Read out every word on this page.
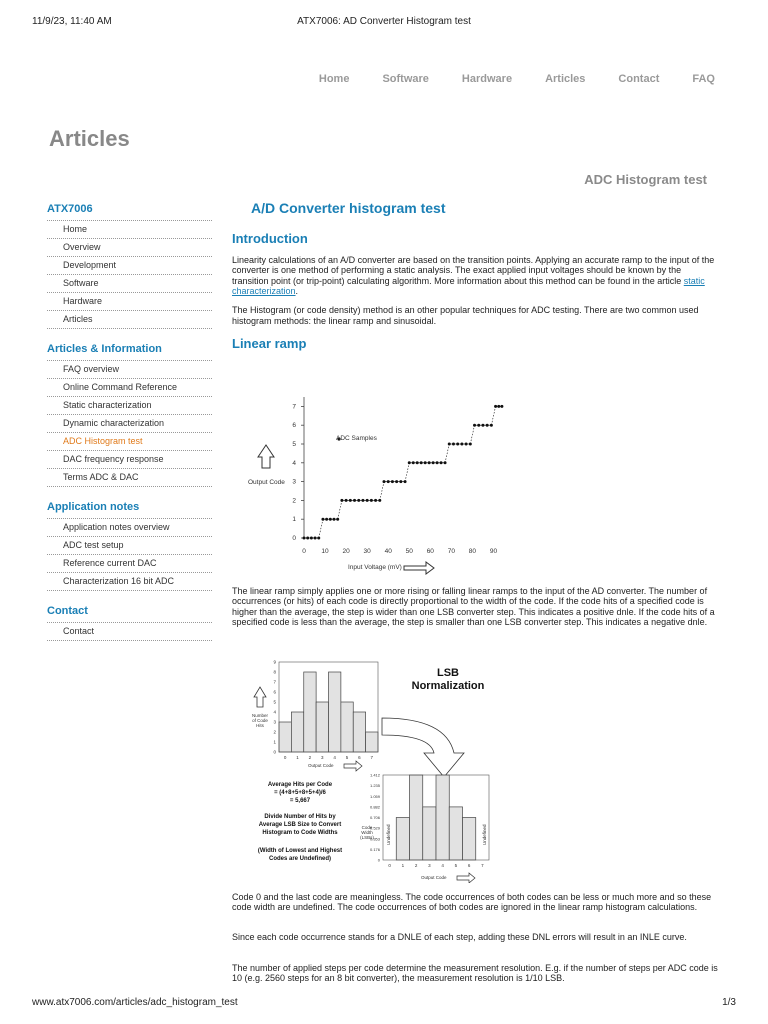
11/9/23, 11:40 AM	ATX7006: AD Converter Histogram test
Home	Software	Hardware	Articles	Contact	FAQ
Articles
ADC Histogram test
ATX7006
Home
Overview
Development
Software
Hardware
Articles
Articles & Information
FAQ overview
Online Command Reference
Static characterization
Dynamic characterization
ADC Histogram test
DAC frequency response
Terms ADC & DAC
Application notes
Application notes overview
ADC test setup
Reference current DAC
Characterization 16 bit ADC
Contact
Contact
A/D Converter histogram test
Introduction

Linearity calculations of an A/D converter are based on the transition points. Applying an accurate ramp to the input of the converter is one method of performing a static analysis. The exact applied input voltages should be known by the transition point (or trip-point) calculating algorithm. More information about this method can be found in the article static characterization.

The Histogram (or code density) method is an other popular techniques for ADC testing. There are two common used histogram methods: the linear ramp and sinusoidal.

Linear ramp

The linear ramp simply applies one or more rising or falling linear ramps to the input of the AD converter. The number of occurrences (or hits) of each code is directly proportional to the width of the code. If the code hits of a specified code is higher than the average, the step is wider than one LSB converter step. This indicates a positive dnle. If the code hits of a specified code is less than the average, the step is smaller than one LSB converter step. This indicates a negative dnle.

Code 0 and the last code are meaningless. The code occurrences of both codes can be less or much more and so these code width are undefined. The code occurrences of both codes are ignored in the linear ramp histogram calculations.

Since each code occurrence stands for a DNLE of each step, adding these DNL errors will result in an INLE curve.

The number of applied steps per code determine the measurement resolution. E.g. if the number of steps per ADC code is 10 (e.g. 2560 steps for an 8 bit converter), the measurement resolution is 1/10 LSB.

0
1
2
3
4
5
6
7
0 10 20 30 40 50 60 70 80 90
Output Code
Input Voltage (mV)
ADC Samples
0
1
2
3
4
5
6
7
8
9
0 1 2 3 4 5 6 7
Number
of Code
Hits
Output Code
LSB
Normalization
Average Hits per Code
= (4+8+5+8+5+4)/6
= 5,667
Divide Number of Hits by
Average LSB Size to Convert
Histogram to Code Widths
(Width of Lowest and Highest
Codes are Undefined)	0
0.176
0.353
0.529
0.706
0.882
1.059
1.235
1.412
0 1 2 3 4 5 6 7
Code
Width
(LSBs)
Output Code
Undefined	Undefined
www.atx7006.com/articles/adc_histogram_test	1/3
